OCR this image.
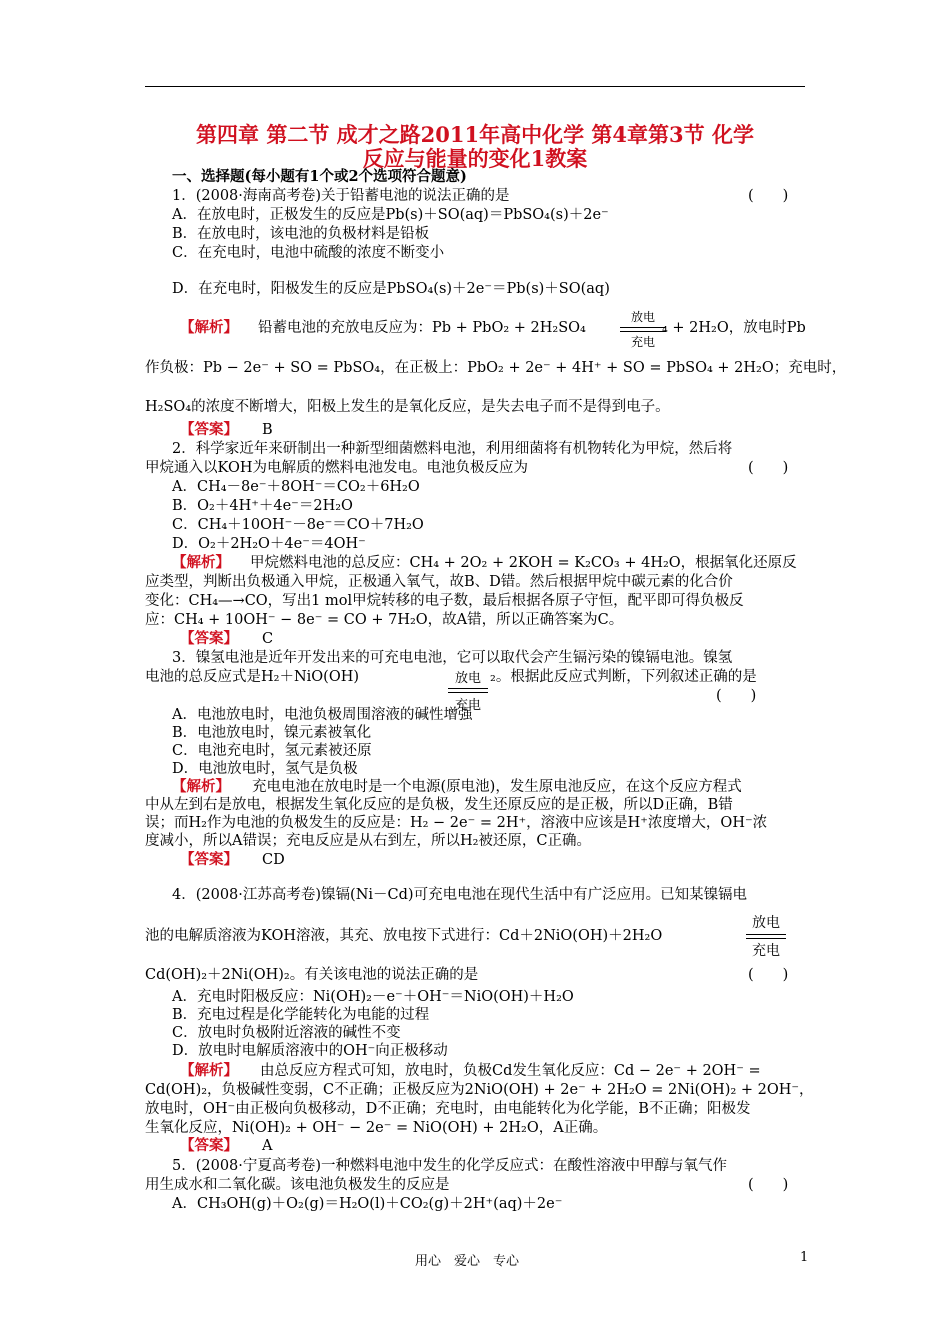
第四章 第二节 成才之路2011年高中化学 第4章第3节 化学
反应与能量的变化1教案
一、选择题(每小题有1个或2个选项符合题意)
1．(2008·海南高考卷)关于铅蓄电池的说法正确的是	(　　)
A．在放电时，正极发生的反应是Pb(s)＋SO(aq)＝PbSO₄(s)＋2e⁻
B．在放电时，该电池的负极材料是铅板
C．在充电时，电池中硫酸的浓度不断变小
D．在充电时，阳极发生的反应是PbSO₄(s)＋2e⁻＝Pb(s)＋SO(aq)
【解析】 铅蓄电池的充放电反应为：Pb + PbO₂ + 2H₂SO₄
放电
充电
₄ + 2H₂O，放电时Pb
作负极：Pb − 2e⁻ + SO = PbSO₄，在正极上：PbO₂ + 2e⁻ + 4H⁺ + SO = PbSO₄ + 2H₂O；充电时，
H₂SO₄的浓度不断增大，阳极上发生的是氧化反应，是失去电子而不是得到电子。
【答案】 B
2．科学家近年来研制出一种新型细菌燃料电池，利用细菌将有机物转化为甲烷，然后将
甲烷通入以KOH为电解质的燃料电池发电。电池负极反应为	(　　)
A．CH₄－8e⁻＋8OH⁻＝CO₂＋6H₂O
B．O₂＋4H⁺＋4e⁻＝2H₂O
C．CH₄＋10OH⁻－8e⁻＝CO＋7H₂O
D．O₂＋2H₂O＋4e⁻＝4OH⁻
【解析】 甲烷燃料电池的总反应：CH₄ + 2O₂ + 2KOH = K₂CO₃ + 4H₂O，根据氧化还原反
应类型，判断出负极通入甲烷，正极通入氧气，故B、D错。然后根据甲烷中碳元素的化合价
变化：CH₄—→CO，写出1 mol甲烷转移的电子数，最后根据各原子守恒，配平即可得负极反
应：CH₄ + 10OH⁻ − 8e⁻ = CO + 7H₂O，故A错，所以正确答案为C。
【答案】 C
3．镍氢电池是近年开发出来的可充电电池，它可以取代会产生镉污染的镍镉电池。镍氢
电池的总反应式是H₂＋NiO(OH)	放电
充电
₂。根据此反应式判断，下列叙述正确的是
(　　)
A．电池放电时，电池负极周围溶液的碱性增强
B．电池放电时，镍元素被氧化
C．电池充电时，氢元素被还原
D．电池放电时，氢气是负极
【解析】 充电电池在放电时是一个电源(原电池)，发生原电池反应，在这个反应方程式
中从左到右是放电，根据发生氧化反应的是负极，发生还原反应的是正极，所以D正确，B错
误；而H₂作为电池的负极发生的反应是：H₂ − 2e⁻ = 2H⁺，溶液中应该是H⁺浓度增大，OH⁻浓
度减小，所以A错误；充电反应是从右到左，所以H₂被还原，C正确。
【答案】 CD
4．(2008·江苏高考卷)镍镉(Ni－Cd)可充电电池在现代生活中有广泛应用。已知某镍镉电
池的电解质溶液为KOH溶液，其充、放电按下式进行：Cd＋2NiO(OH)＋2H₂O
放电
充电
Cd(OH)₂＋2Ni(OH)₂。有关该电池的说法正确的是	(　　)
A．充电时阳极反应：Ni(OH)₂－e⁻＋OH⁻＝NiO(OH)＋H₂O
B．充电过程是化学能转化为电能的过程
C．放电时负极附近溶液的碱性不变
D．放电时电解质溶液中的OH⁻向正极移动
【解析】 由总反应方程式可知，放电时，负极Cd发生氧化反应：Cd − 2e⁻ + 2OH⁻ =
Cd(OH)₂，负极碱性变弱，C不正确；正极反应为2NiO(OH) + 2e⁻ + 2H₂O = 2Ni(OH)₂ + 2OH⁻，
放电时，OH⁻由正极向负极移动，D不正确；充电时，由电能转化为化学能，B不正确；阳极发
生氧化反应，Ni(OH)₂ + OH⁻ − 2e⁻ = NiO(OH) + 2H₂O，A正确。
【答案】 A
5．(2008·宁夏高考卷)一种燃料电池中发生的化学反应式：在酸性溶液中甲醇与氧气作
用生成水和二氧化碳。该电池负极发生的反应是	(　　)
A．CH₃OH(g)＋O₂(g)＝H₂O(l)＋CO₂(g)＋2H⁺(aq)＋2e⁻
用心　爱心　专心	1
